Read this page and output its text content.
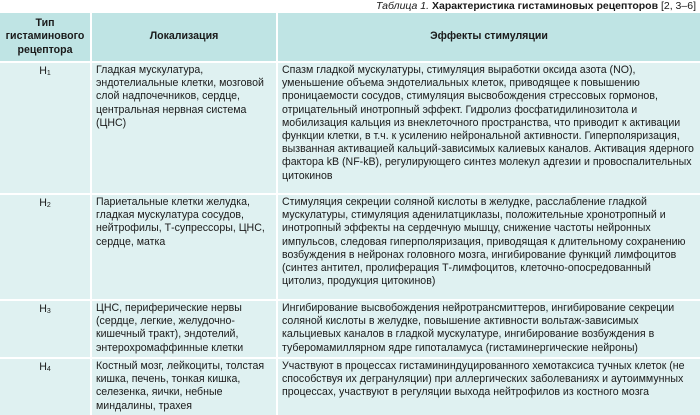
Таблица 1. Характеристика гистаминовых рецепторов [2, 3–6]
Тип гистаминового рецептора	Локализация	Эффекты стимуляции
$H_1$	Гладкая мускулатура, эндотелиальные клетки, мозговой слой надпочечников, сердце, центральная нервная система (ЦНС)	Спазм гладкой мускулатуры, стимуляция выработки оксида азота (NO), уменьшение объема эндотелиальных клеток, приводящее к повышению проницаемости сосудов, стимуляция высвобождения стрессовых гормонов, отрицательный инотропный эффект. Гидролиз фосфатидилинозитола и мобилизация кальция из внеклеточного пространства, что приводит к активации функции клетки, в т.ч. к усилению нейрональной активности. Гиперполяризация, вызванная активацией кальций-зависимых калиевых каналов. Активация ядерного фактора kB (NF-kB), регулирующего синтез молекул адгезии и провоспалительных цитокинов
$H_2$	Париетальные клетки желудка, гладкая мускулатура сосудов, нейтрофилы, Т-супрессоры, ЦНС, сердце, матка	Стимуляция секреции соляной кислоты в желудке, расслабление гладкой мускулатуры, стимуляция аденилатциклазы, положительные хронотропный и инотропный эффекты на сердечную мышцу, снижение частоты нейронных импульсов, следовая гиперполяризация, приводящая к длительному сохранению возбуждения в нейронах головного мозга, ингибирование функций лимфоцитов (синтез антител, пролиферация Т-лимфоцитов, клеточно-опосредованный цитолиз, продукция цитокинов)
$H_3$	ЦНС, периферические нервы (сердце, легкие, желудочно-кишечный тракт), эндотелий, энтерохромаффинные клетки	Ингибирование высвобождения нейротрансмиттеров, ингибирование секреции соляной кислоты в желудке, повышение активности вольтаж-зависимых кальциевых каналов в гладкой мускулатуре, ингибирование возбуждения в туберомамиллярном ядре гипоталамуса (гистаминергические нейроны)
$H_4$	Костный мозг, лейкоциты, толстая кишка, печень, тонкая кишка, селезенка, яички, небные миндалины, трахея	Участвуют в процессах гистамининдуцированного хемотаксиса тучных клеток (не способствуя их дегрануляции) при аллергических заболеваниях и аутоиммунных процессах, участвуют в регуляции выхода нейтрофилов из костного мозга
